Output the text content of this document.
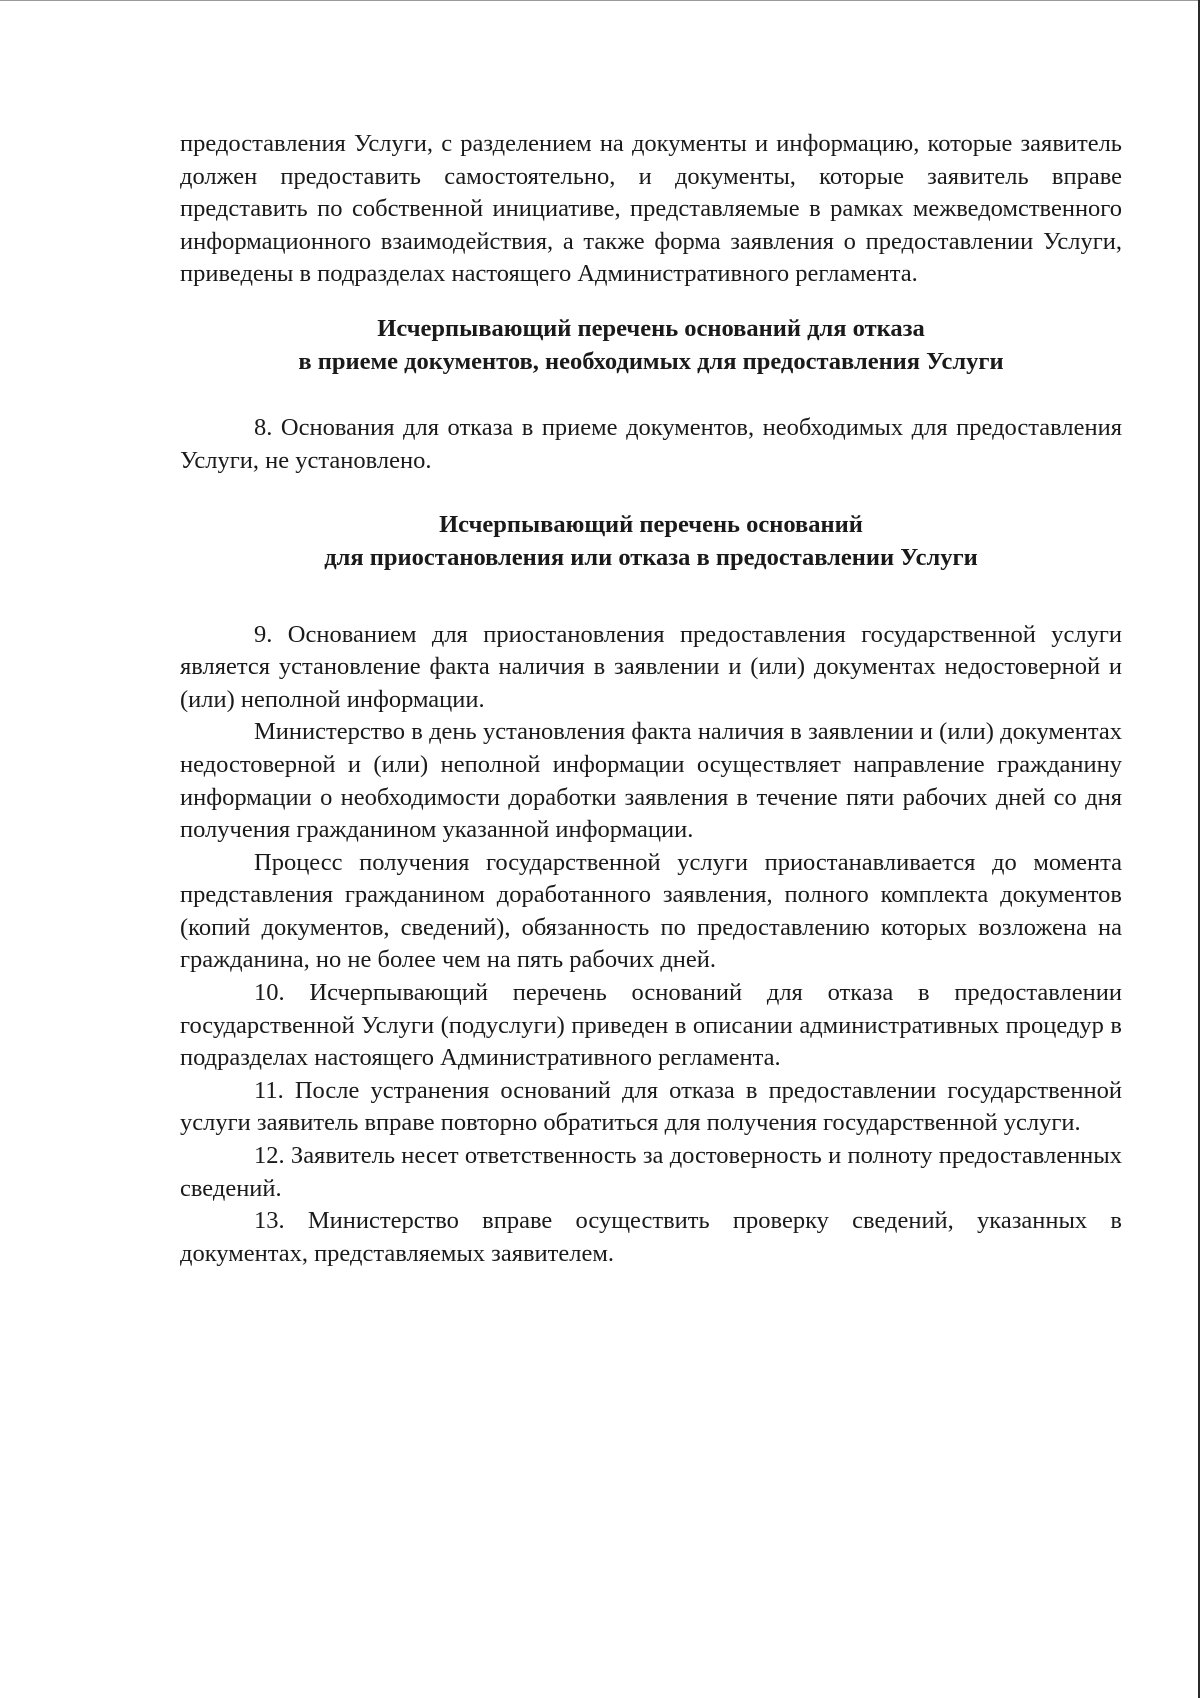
предоставления Услуги, с разделением на документы и информацию, которые заявитель должен предоставить самостоятельно, и документы, которые заявитель вправе представить по собственной инициативе, представляемые в рамках межведомственного информационного взаимодействия, а также форма заявления о предоставлении Услуги, приведены в подразделах настоящего Административного регламента.

Исчерпывающий перечень оснований для отказа
в приеме документов, необходимых для предоставления Услуги

8. Основания для отказа в приеме документов, необходимых для предоставления Услуги, не установлено.

Исчерпывающий перечень оснований
для приостановления или отказа в предоставлении Услуги

9. Основанием для приостановления предоставления государственной услуги является установление факта наличия в заявлении и (или) документах недостоверной и (или) неполной информации.

Министерство в день установления факта наличия в заявлении и (или) документах недостоверной и (или) неполной информации осуществляет направление гражданину информации о необходимости доработки заявления в течение пяти рабочих дней со дня получения гражданином указанной информации.

Процесс получения государственной услуги приостанавливается до момента представления гражданином доработанного заявления, полного комплекта документов (копий документов, сведений), обязанность по предоставлению которых возложена на гражданина, но не более чем на пять рабочих дней.

10. Исчерпывающий перечень оснований для отказа в предоставлении государственной Услуги (подуслуги) приведен в описании административных процедур в подразделах настоящего Административного регламента.

11. После устранения оснований для отказа в предоставлении государственной услуги заявитель вправе повторно обратиться для получения государственной услуги.

12. Заявитель несет ответственность за достоверность и полноту предоставленных сведений.

13. Министерство вправе осуществить проверку сведений, указанных в документах, представляемых заявителем.
